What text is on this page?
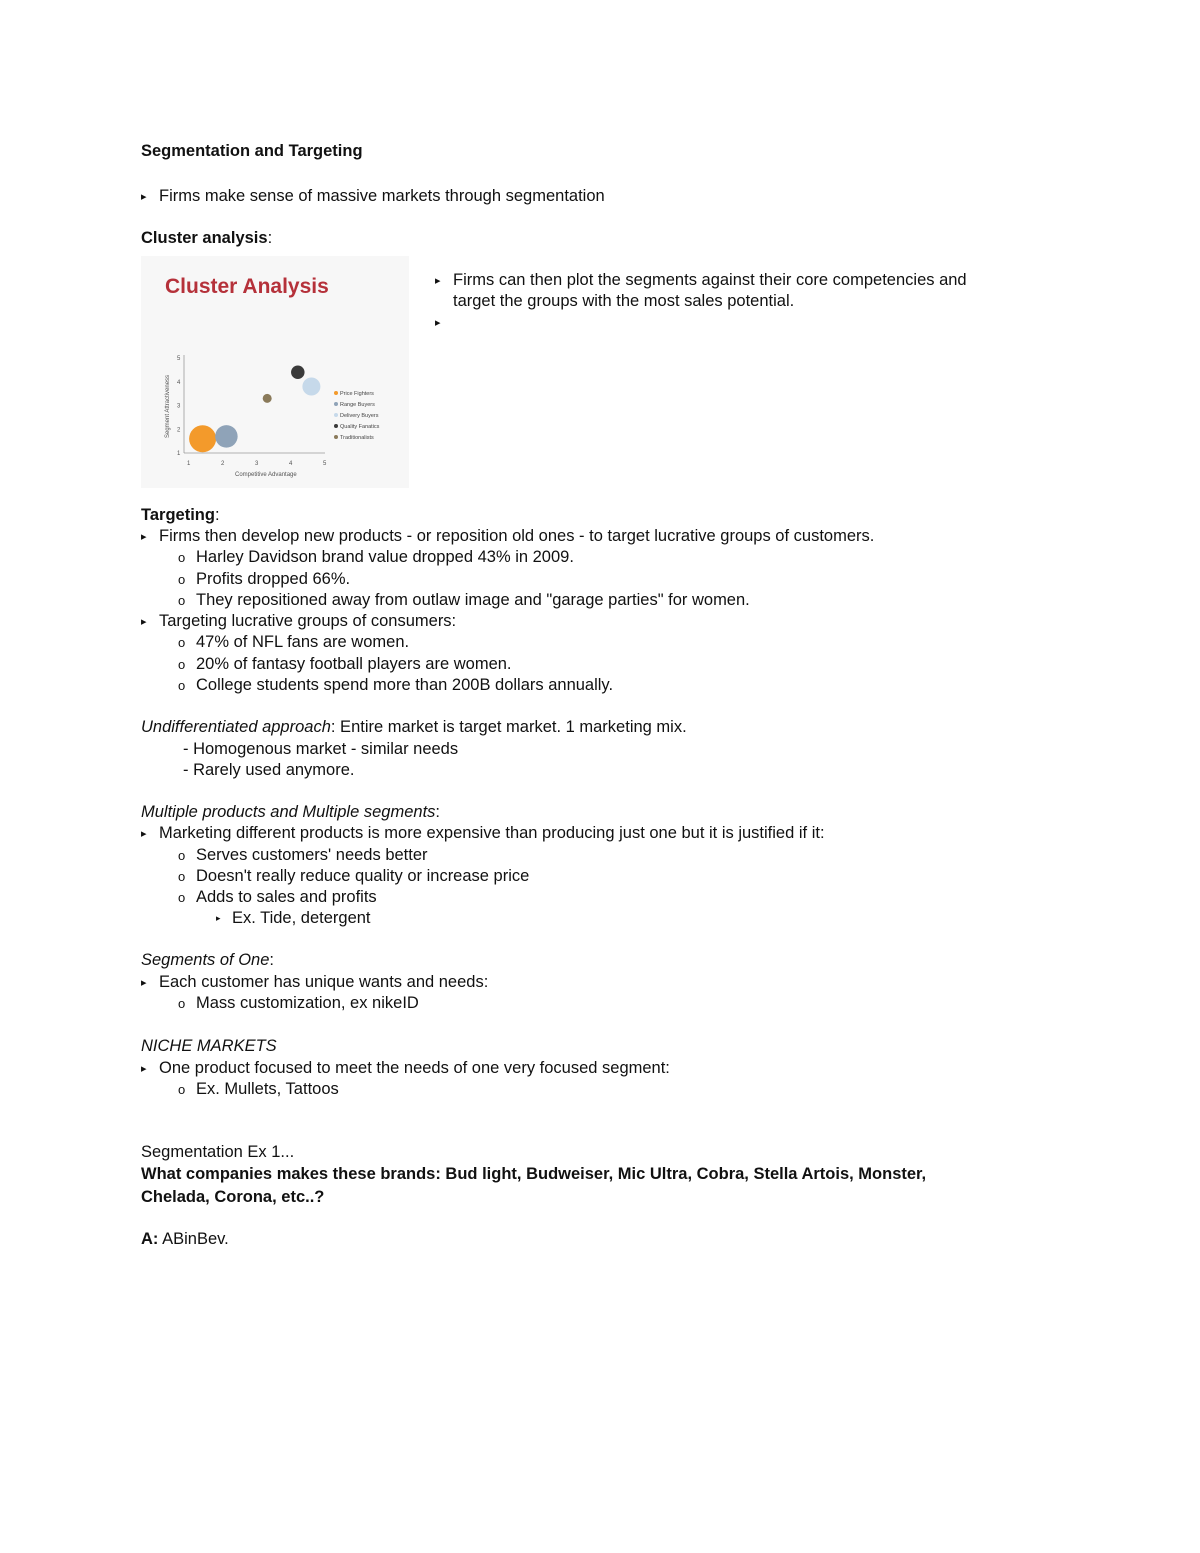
Segmentation and Targeting
▸ Firms make sense of massive markets through segmentation
Cluster analysis:
Cluster Analysis
1	2	3	4	5
1
2
3
4
5
Competitive Advantage
Segment Attractiveness	Price Fighters
Range Buyers
Delivery Buyers
Quality Fanatics
Traditionalists
▸ Firms can then plot the segments against their core competencies and
target the groups with the most sales potential.
▸
Targeting:
▸ Firms then develop new products - or reposition old ones - to target lucrative groups of customers.
o Harley Davidson brand value dropped 43% in 2009.
o Profits dropped 66%.
o They repositioned away from outlaw image and "garage parties" for women.
▸ Targeting lucrative groups of consumers:
o 47% of NFL fans are women.
o 20% of fantasy football players are women.
o College students spend more than 200B dollars annually.
Undifferentiated approach: Entire market is target market. 1 marketing mix.
- Homogenous market - similar needs
- Rarely used anymore.
Multiple products and Multiple segments:
▸ Marketing different products is more expensive than producing just one but it is justified if it:
o Serves customers' needs better
o Doesn't really reduce quality or increase price
o Adds to sales and profits
▸ Ex. Tide, detergent
Segments of One:
▸ Each customer has unique wants and needs:
o Mass customization, ex nikeID
NICHE MARKETS
▸ One product focused to meet the needs of one very focused segment:
o Ex. Mullets, Tattoos
Segmentation Ex 1...
What companies makes these brands: Bud light, Budweiser, Mic Ultra, Cobra, Stella Artois, Monster,
Chelada, Corona, etc..?
A: ABinBev.
